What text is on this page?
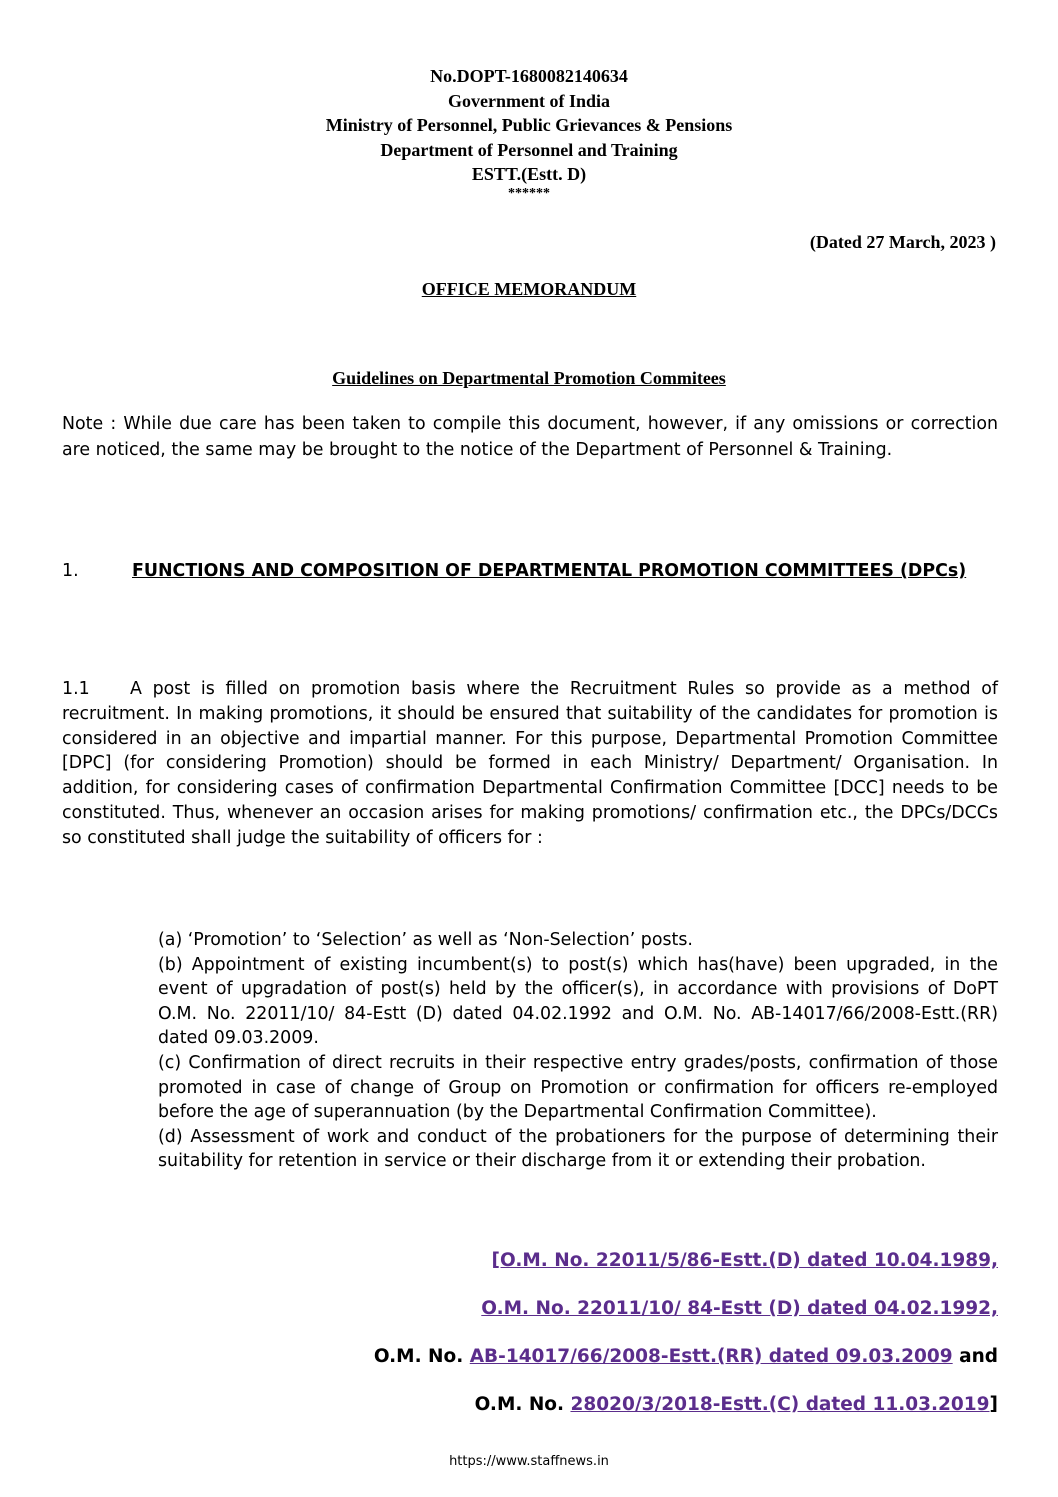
No.DOPT-1680082140634
Government of India
Ministry of Personnel, Public Grievances & Pensions
Department of Personnel and Training
ESTT.(Estt. D)
******
(Dated 27 March, 2023 )
OFFICE MEMORANDUM
Guidelines on Departmental Promotion Commitees
Note : While due care has been taken to compile this document, however, if any omissions or correction are noticed, the same may be brought to the notice of the Department of Personnel & Training.
1.	FUNCTIONS AND COMPOSITION OF DEPARTMENTAL PROMOTION COMMITTEES (DPCs)
1.1 A post is filled on promotion basis where the Recruitment Rules so provide as a method of recruitment. In making promotions, it should be ensured that suitability of the candidates for promotion is considered in an objective and impartial manner. For this purpose, Departmental Promotion Committee [DPC] (for considering Promotion) should be formed in each Ministry/ Department/ Organisation. In addition, for considering cases of confirmation Departmental Confirmation Committee [DCC] needs to be constituted. Thus, whenever an occasion arises for making promotions/ confirmation etc., the DPCs/DCCs so constituted shall judge the suitability of officers for :
(a) ‘Promotion’ to ‘Selection’ as well as ‘Non-Selection’ posts.
(b) Appointment of existing incumbent(s) to post(s) which has(have) been upgraded, in the event of upgradation of post(s) held by the officer(s), in accordance with provisions of DoPT O.M. No. 22011/10/ 84-Estt (D) dated 04.02.1992 and O.M. No. AB-14017/66/2008-Estt.(RR) dated 09.03.2009.
(c) Confirmation of direct recruits in their respective entry grades/posts, confirmation of those promoted in case of change of Group on Promotion or confirmation for officers re-employed before the age of superannuation (by the Departmental Confirmation Committee).
(d) Assessment of work and conduct of the probationers for the purpose of determining their suitability for retention in service or their discharge from it or extending their probation.
[O.M. No. 22011/5/86-Estt.(D) dated 10.04.1989,
O.M. No. 22011/10/ 84-Estt (D) dated 04.02.1992,
O.M. No. AB-14017/66/2008-Estt.(RR) dated 09.03.2009 and
O.M. No. 28020/3/2018-Estt.(C) dated 11.03.2019]
https://www.staffnews.in
